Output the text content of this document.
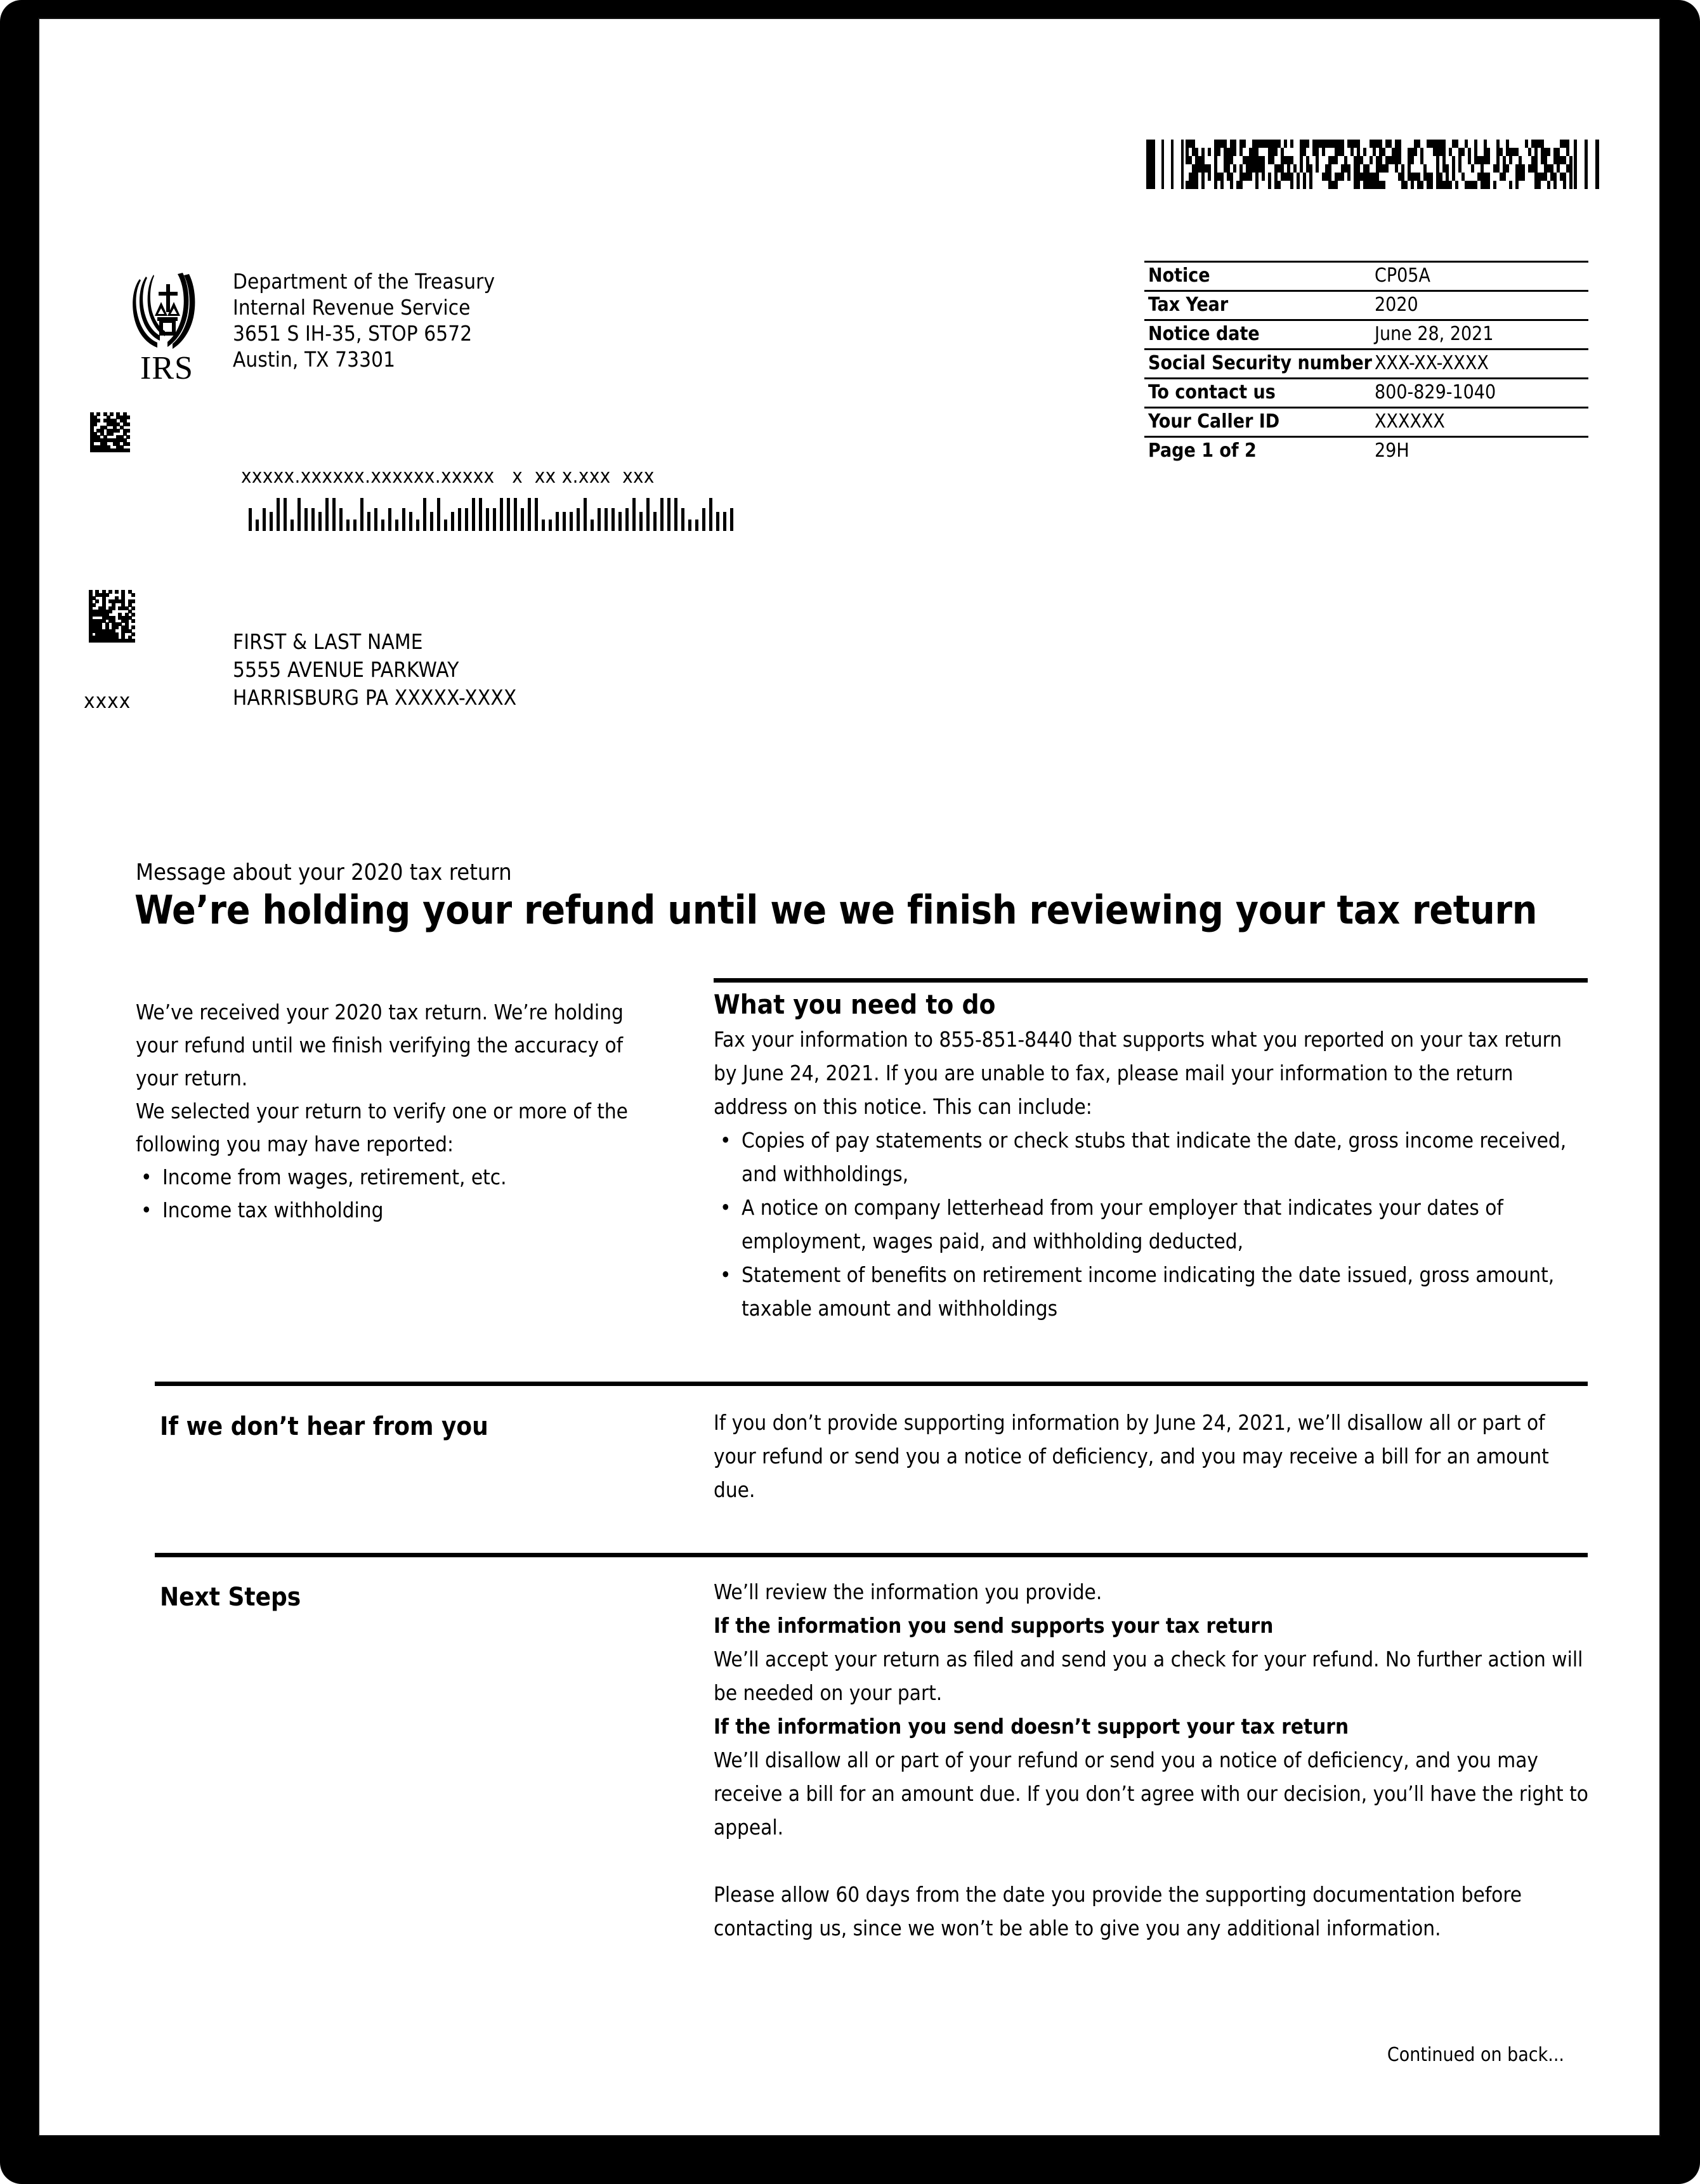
IRS
Department of the Treasury
Internal Revenue Service
3651 S IH-35, STOP 6572
Austin, TX 73301
Notice	CP05A
Tax Year	2020
Notice date	June 28, 2021
Social Security number	XXX-XX-XXXX
To contact us	800-829-1040
Your Caller ID	XXXXXX
Page 1 of 2	29H
xxxxx.xxxxxx.xxxxxx.xxxxx   x  xx x.xxx  xxx
FIRST & LAST NAME
5555 AVENUE PARKWAY
HARRISBURG PA XXXXX-XXXX
xxxx
Message about your 2020 tax return
We’re holding your refund until we we finish reviewing your tax return

We’ve received your 2020 tax return. We’re holding your refund until we finish verifying the accuracy of your return.

We selected your return to verify one or more of the following you may have reported:

• Income from wages, retirement, etc.
• Income tax withholding
What you need to do

Fax your information to 855-851-8440 that supports what you reported on your tax return by June 24, 2021. If you are unable to fax, please mail your information to the return address on this notice. This can include:

• Copies of pay statements or check stubs that indicate the date, gross income received, and withholdings,
• A notice on company letterhead from your employer that indicates your dates of employment, wages paid, and withholding deducted,
• Statement of benefits on retirement income indicating the date issued, gross amount, taxable amount and withholdings
If we don’t hear from you	If you don’t provide supporting information by June 24, 2021, we’ll disallow all or part of your refund or send you a notice of deficiency, and you may receive a bill for an amount due.

Next Steps	We’ll review the information you provide.

If the information you send supports your tax return

We’ll accept your return as filed and send you a check for your refund. No further action will be needed on your part.

If the information you send doesn’t support your tax return

We’ll disallow all or part of your refund or send you a notice of deficiency, and you may receive a bill for an amount due. If you don’t agree with our decision, you’ll have the right to appeal.

Please allow 60 days from the date you provide the supporting documentation before contacting us, since we won’t be able to give you any additional information.

Continued on back...
